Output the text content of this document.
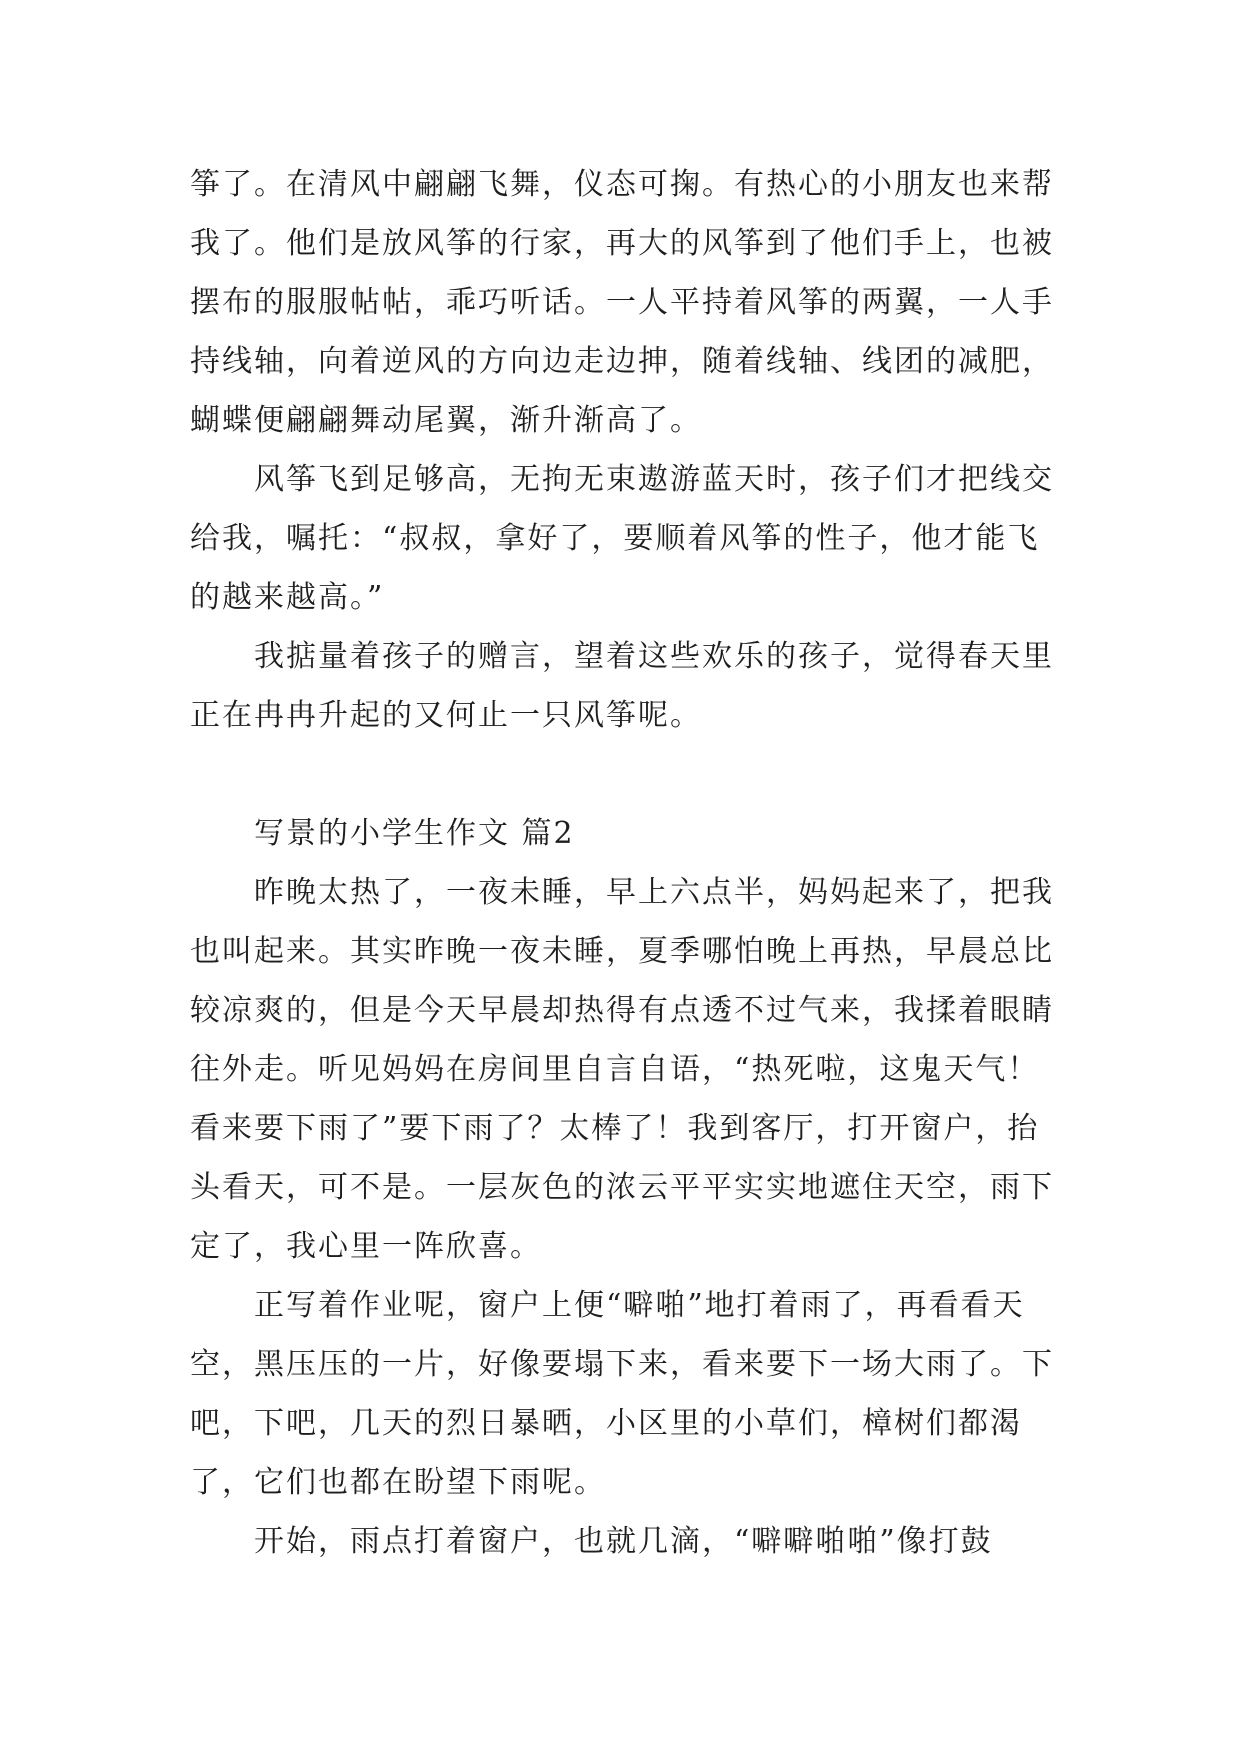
筝了。在清风中翩翩飞舞，仪态可掬。有热心的小朋友也来帮我了。他们是放风筝的行家，再大的风筝到了他们手上，也被摆布的服服帖帖，乖巧听话。一人平持着风筝的两翼，一人手持线轴，向着逆风的方向边走边抻，随着线轴、线团的减肥，蝴蝶便翩翩舞动尾翼，渐升渐高了。

风筝飞到足够高，无拘无束遨游蓝天时，孩子们才把线交给我，嘱托：“叔叔，拿好了，要顺着风筝的性子，他才能飞的越来越高。”

我掂量着孩子的赠言，望着这些欢乐的孩子，觉得春天里正在冉冉升起的又何止一只风筝呢。

写景的小学生作文 篇2

昨晚太热了，一夜未睡，早上六点半，妈妈起来了，把我也叫起来。其实昨晚一夜未睡，夏季哪怕晚上再热，早晨总比较凉爽的，但是今天早晨却热得有点透不过气来，我揉着眼睛往外走。听见妈妈在房间里自言自语，“热死啦，这鬼天气！看来要下雨了”要下雨了？太棒了！我到客厅，打开窗户，抬头看天，可不是。一层灰色的浓云平平实实地遮住天空，雨下定了，我心里一阵欣喜。

正写着作业呢，窗户上便“噼啪”地打着雨了，再看看天空，黑压压的一片，好像要塌下来，看来要下一场大雨了。下吧，下吧，几天的烈日暴晒，小区里的小草们，樟树们都渴了，它们也都在盼望下雨呢。

开始，雨点打着窗户，也就几滴，“噼噼啪啪”像打鼓
